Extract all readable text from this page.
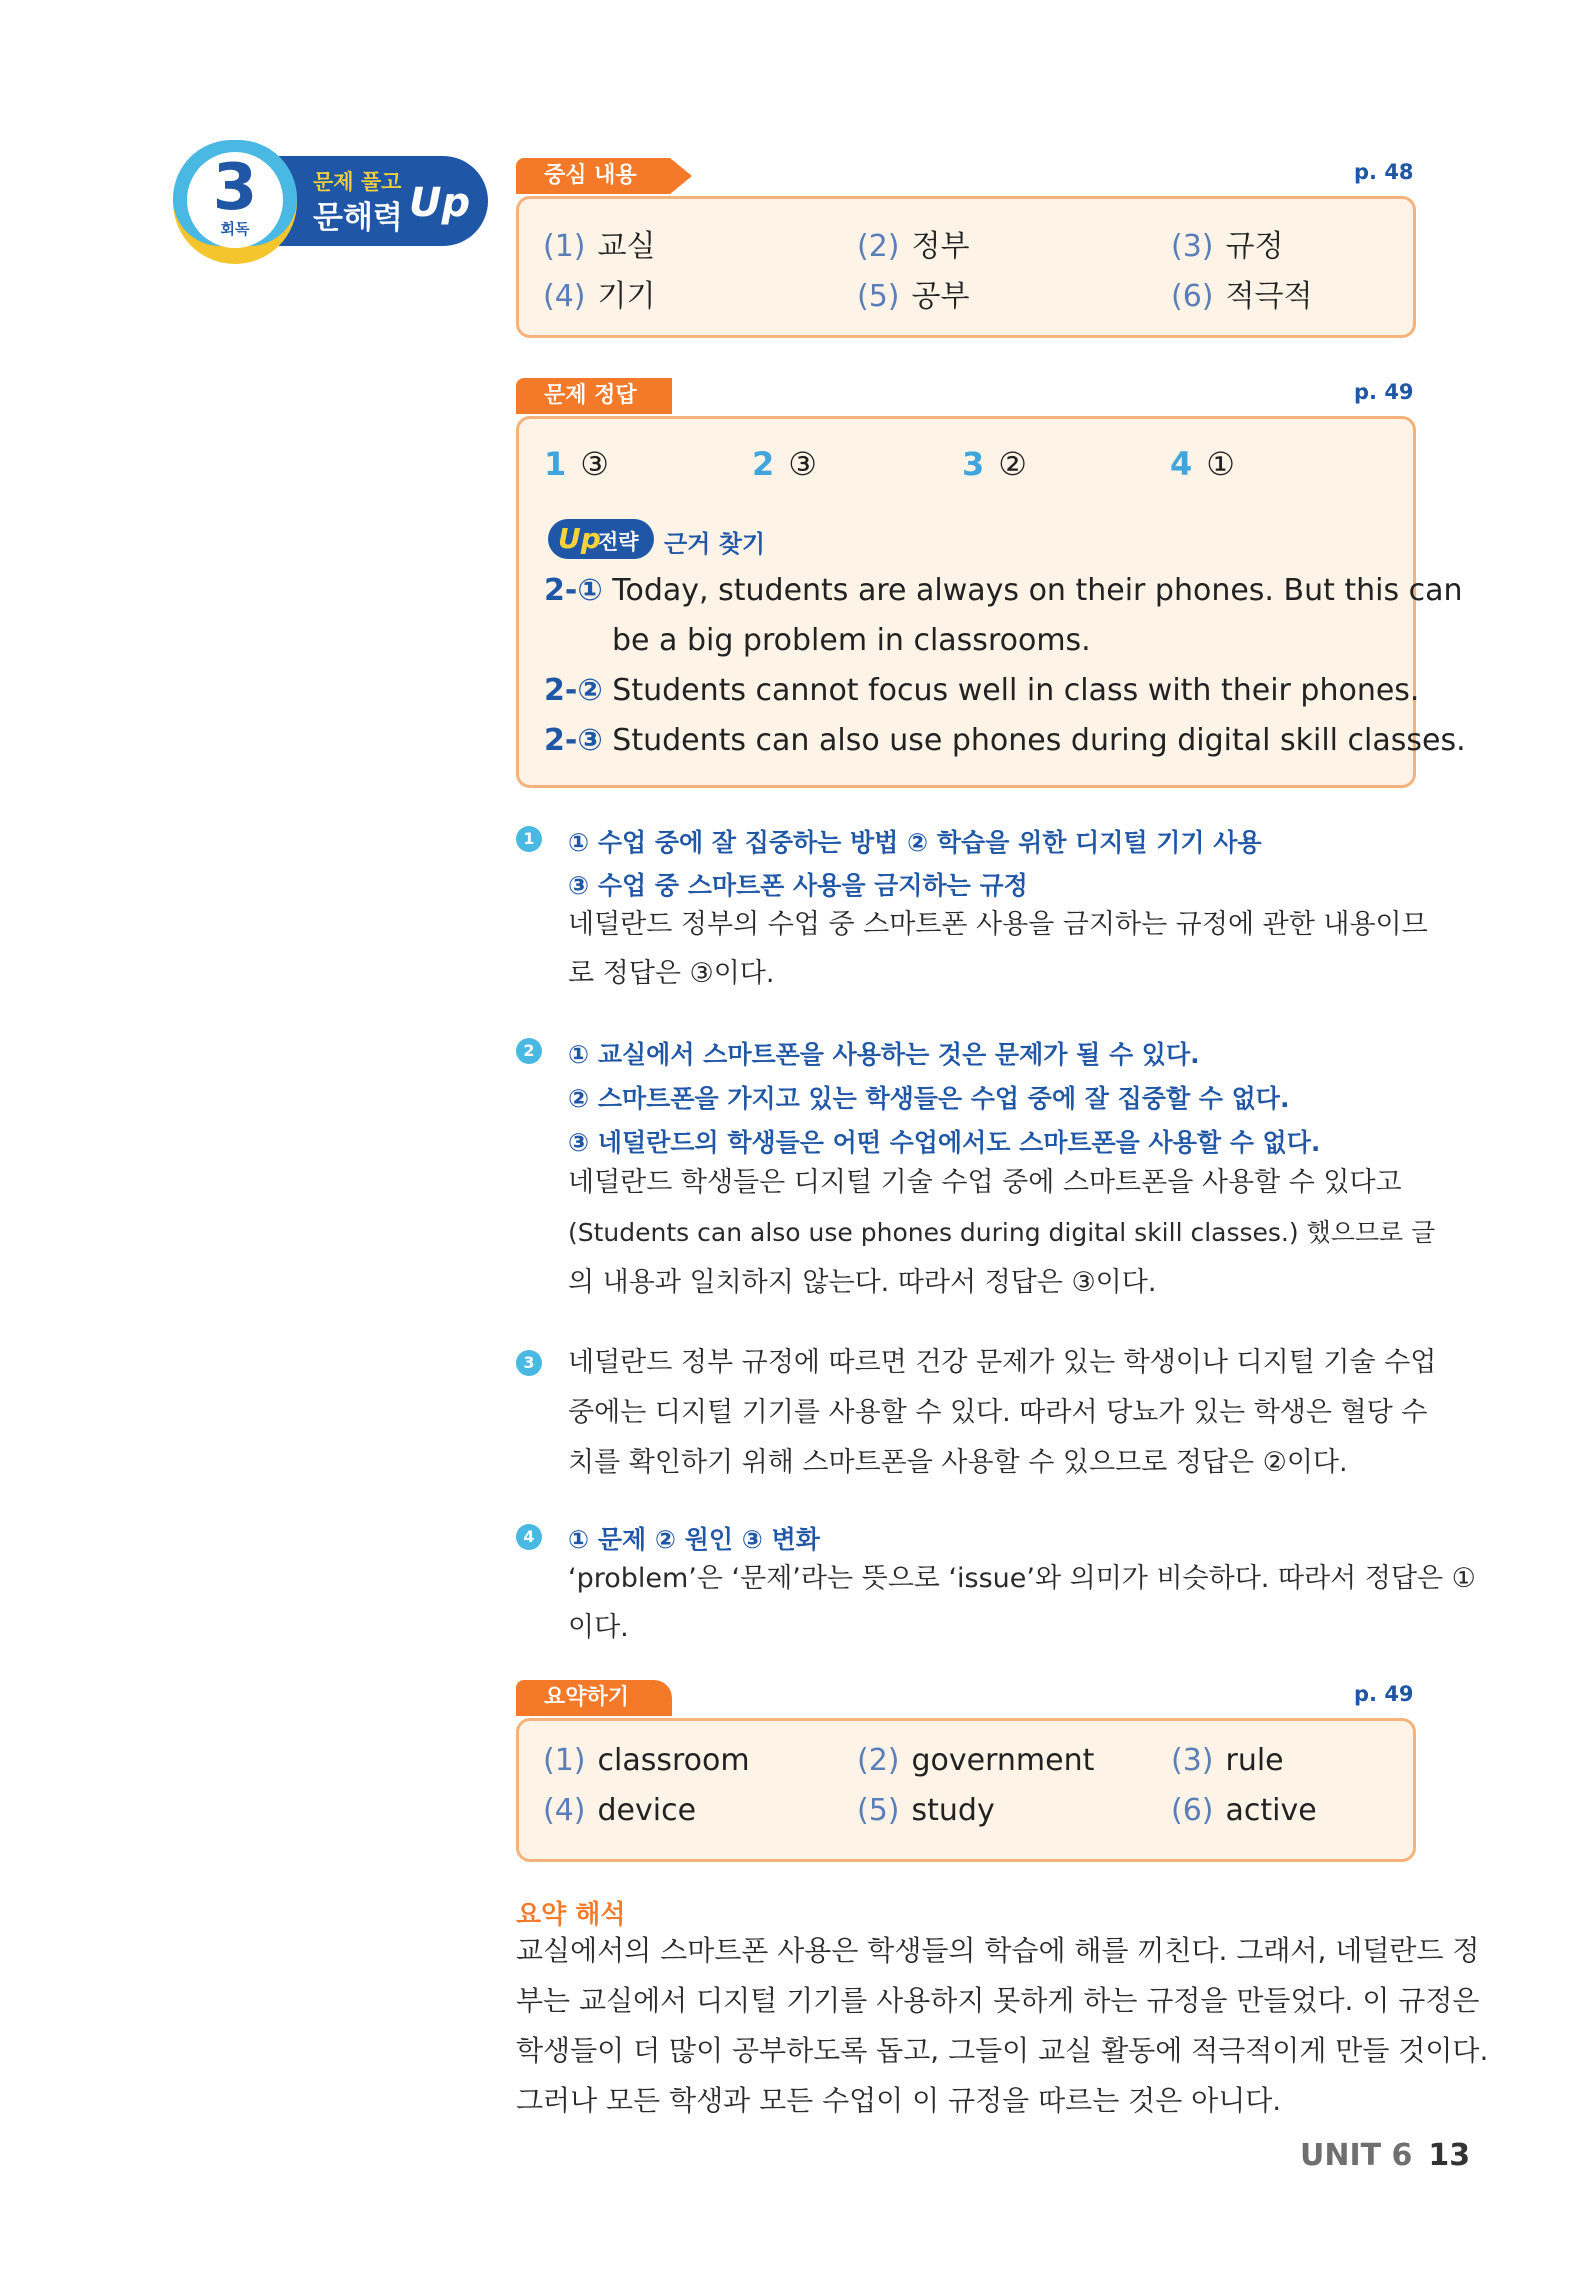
3
회독
문제 풀고
문해력 Up
중심 내용	p. 48
(1) 교실	(2) 정부	(3) 규정
(4) 기기	(5) 공부	(6) 적극적
문제 정답	p. 49
1 ③	2 ③	3 ②	4 ①
Up
전략 근거 찾기
2-① Today, students are always on their phones. But this can
be a big problem in classrooms.
2-② Students cannot focus well in class with their phones.
2-③ Students can also use phones during digital skill classes.
1 ① 수업 중에 잘 집중하는 방법 ② 학습을 위한 디지털 기기 사용
③ 수업 중 스마트폰 사용을 금지하는 규정
네덜란드 정부의 수업 중 스마트폰 사용을 금지하는 규정에 관한 내용이므
로 정답은 ③이다.
2 ① 교실에서 스마트폰을 사용하는 것은 문제가 될 수 있다.
② 스마트폰을 가지고 있는 학생들은 수업 중에 잘 집중할 수 없다.
③ 네덜란드의 학생들은 어떤 수업에서도 스마트폰을 사용할 수 없다.
네덜란드 학생들은 디지털 기술 수업 중에 스마트폰을 사용할 수 있다고
(Students can also use phones during digital skill classes.) 했으므로 글
의 내용과 일치하지 않는다. 따라서 정답은 ③이다.
3 네덜란드 정부 규정에 따르면 건강 문제가 있는 학생이나 디지털 기술 수업
중에는 디지털 기기를 사용할 수 있다. 따라서 당뇨가 있는 학생은 혈당 수
치를 확인하기 위해 스마트폰을 사용할 수 있으므로 정답은 ②이다.
4 ① 문제 ② 원인 ③ 변화
‘problem’은 ‘문제’라는 뜻으로 ‘issue’와 의미가 비슷하다. 따라서 정답은 ①
이다.
요약하기	p. 49
(1) classroom	(2) government	(3) rule
(4) device	(5) study	(6) active
요약 해석
교실에서의 스마트폰 사용은 학생들의 학습에 해를 끼친다. 그래서, 네덜란드 정
부는 교실에서 디지털 기기를 사용하지 못하게 하는 규정을 만들었다. 이 규정은
학생들이 더 많이 공부하도록 돕고, 그들이 교실 활동에 적극적이게 만들 것이다.
그러나 모든 학생과 모든 수업이 이 규정을 따르는 것은 아니다.
UNIT 6 13
